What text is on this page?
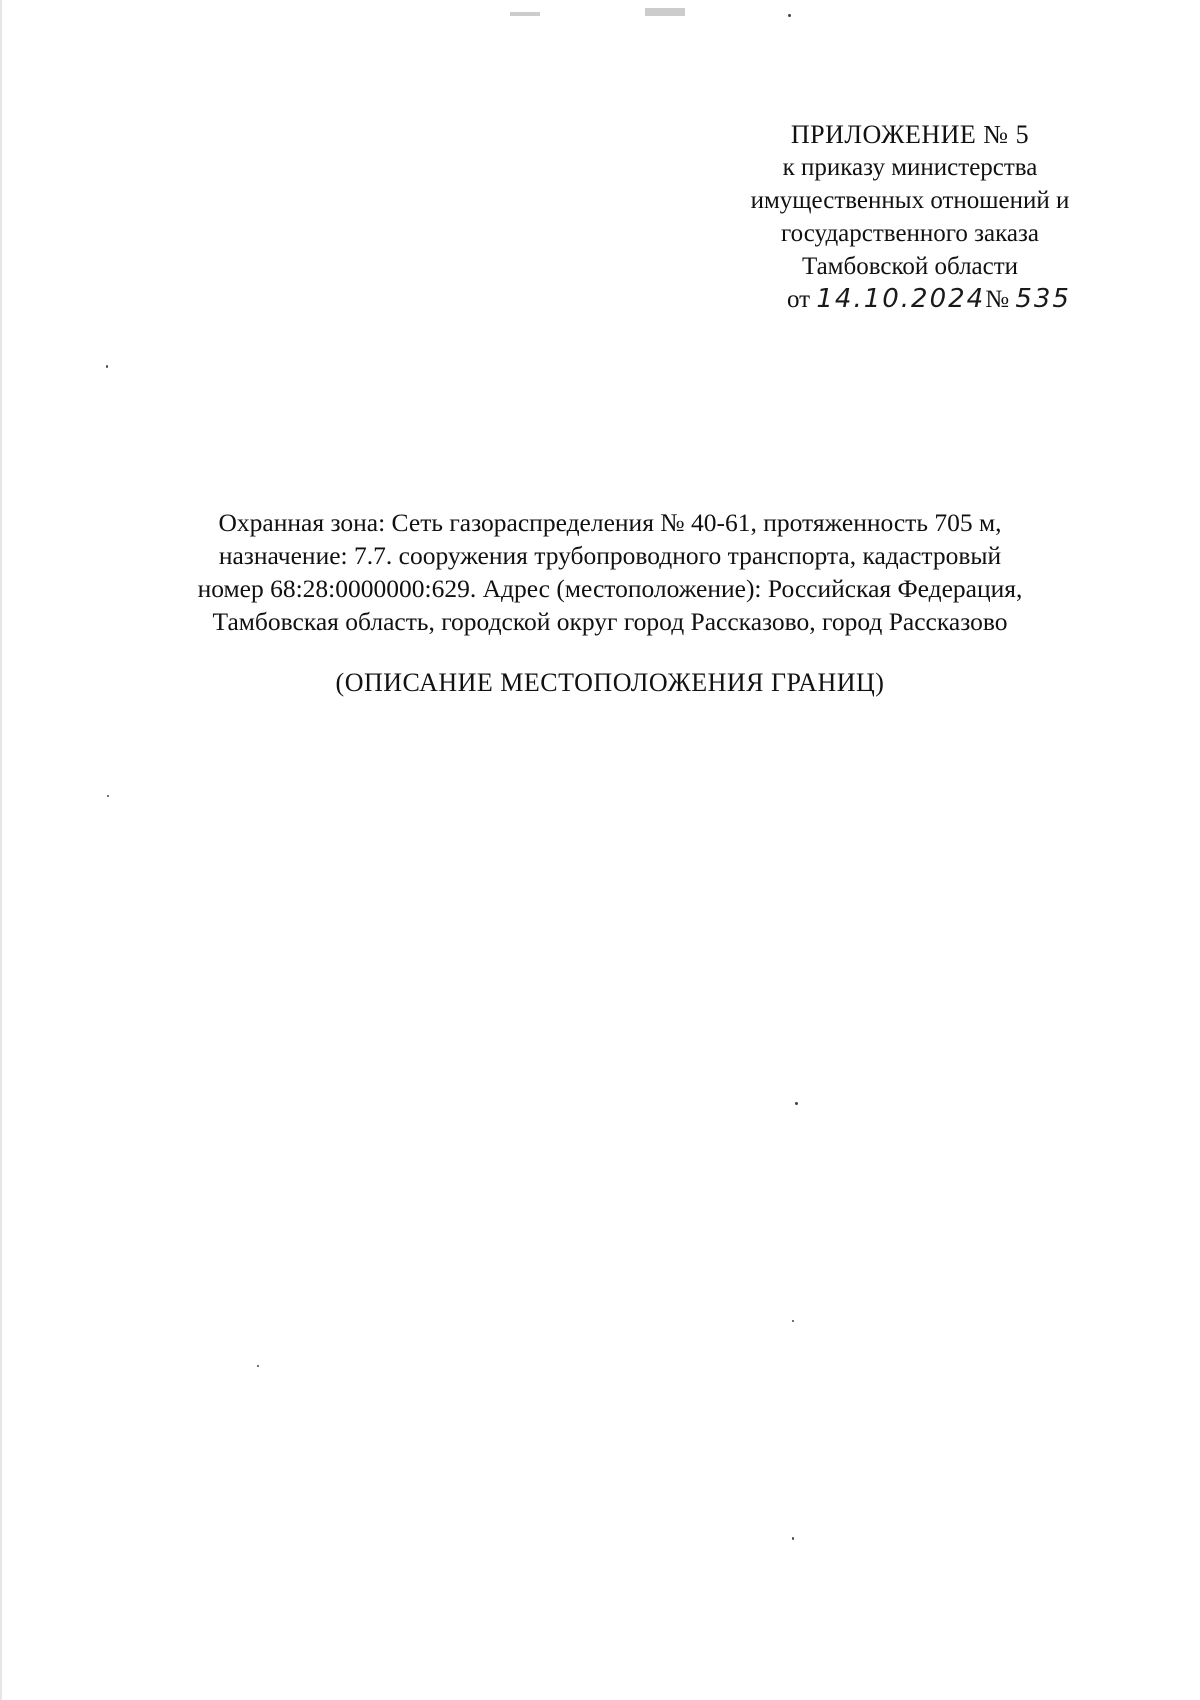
ПРИЛОЖЕНИЕ № 5
к приказу министерства
имущественных отношений и
государственного заказа
Тамбовской области
от 14.10.2024№ 535
Охранная зона: Сеть газораспределения № 40-61, протяженность 705 м,
назначение: 7.7. сооружения трубопроводного транспорта, кадастровый
номер 68:28:0000000:629. Адрес (местоположение): Российская Федерация,
Тамбовская область, городской округ город Рассказово, город Рассказово
(ОПИСАНИЕ МЕСТОПОЛОЖЕНИЯ ГРАНИЦ)
